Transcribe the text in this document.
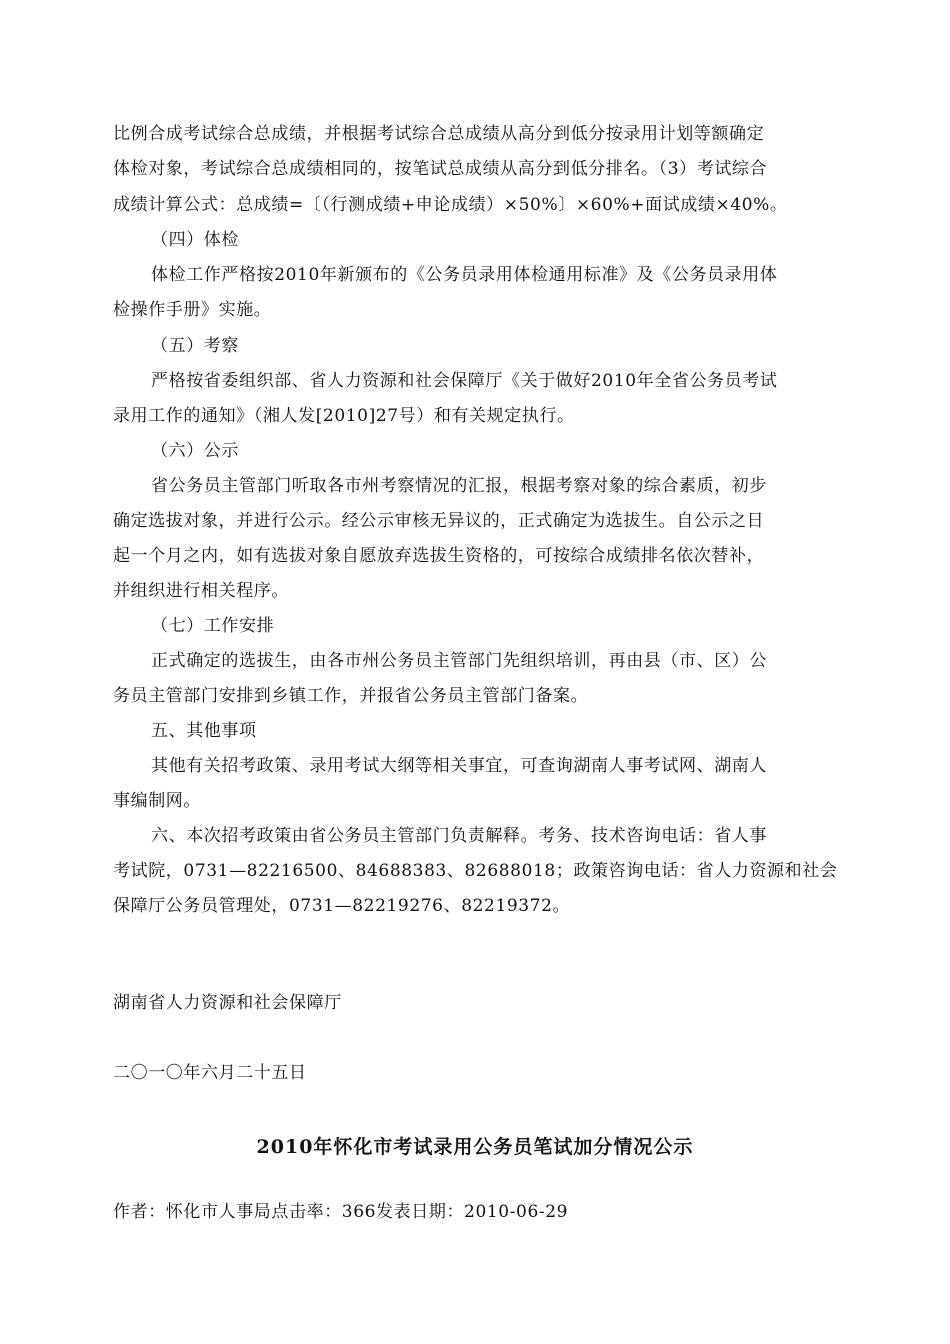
比例合成考试综合总成绩，并根据考试综合总成绩从高分到低分按录用计划等额确定
体检对象，考试综合总成绩相同的，按笔试总成绩从高分到低分排名。（3）考试综合
成绩计算公式：总成绩=〔（行测成绩+申论成绩）×50%〕×60%+面试成绩×40%。
（四）体检
体检工作严格按2010年新颁布的《公务员录用体检通用标准》及《公务员录用体
检操作手册》实施。
（五）考察
严格按省委组织部、省人力资源和社会保障厅《关于做好2010年全省公务员考试
录用工作的通知》（湘人发[2010]27号）和有关规定执行。
（六）公示
省公务员主管部门听取各市州考察情况的汇报，根据考察对象的综合素质，初步
确定选拔对象，并进行公示。经公示审核无异议的，正式确定为选拔生。自公示之日
起一个月之内，如有选拔对象自愿放弃选拔生资格的，可按综合成绩排名依次替补，
并组织进行相关程序。
（七）工作安排
正式确定的选拔生，由各市州公务员主管部门先组织培训，再由县（市、区）公
务员主管部门安排到乡镇工作，并报省公务员主管部门备案。
五、其他事项
其他有关招考政策、录用考试大纲等相关事宜，可查询湖南人事考试网、湖南人
事编制网。
六、本次招考政策由省公务员主管部门负责解释。考务、技术咨询电话：省人事
考试院，0731—82216500、84688383、82688018；政策咨询电话：省人力资源和社会
保障厅公务员管理处，0731—82219276、82219372。
湖南省人力资源和社会保障厅
二〇一〇年六月二十五日
2010年怀化市考试录用公务员笔试加分情况公示
作者：怀化市人事局点击率：366发表日期：2010-06-29
